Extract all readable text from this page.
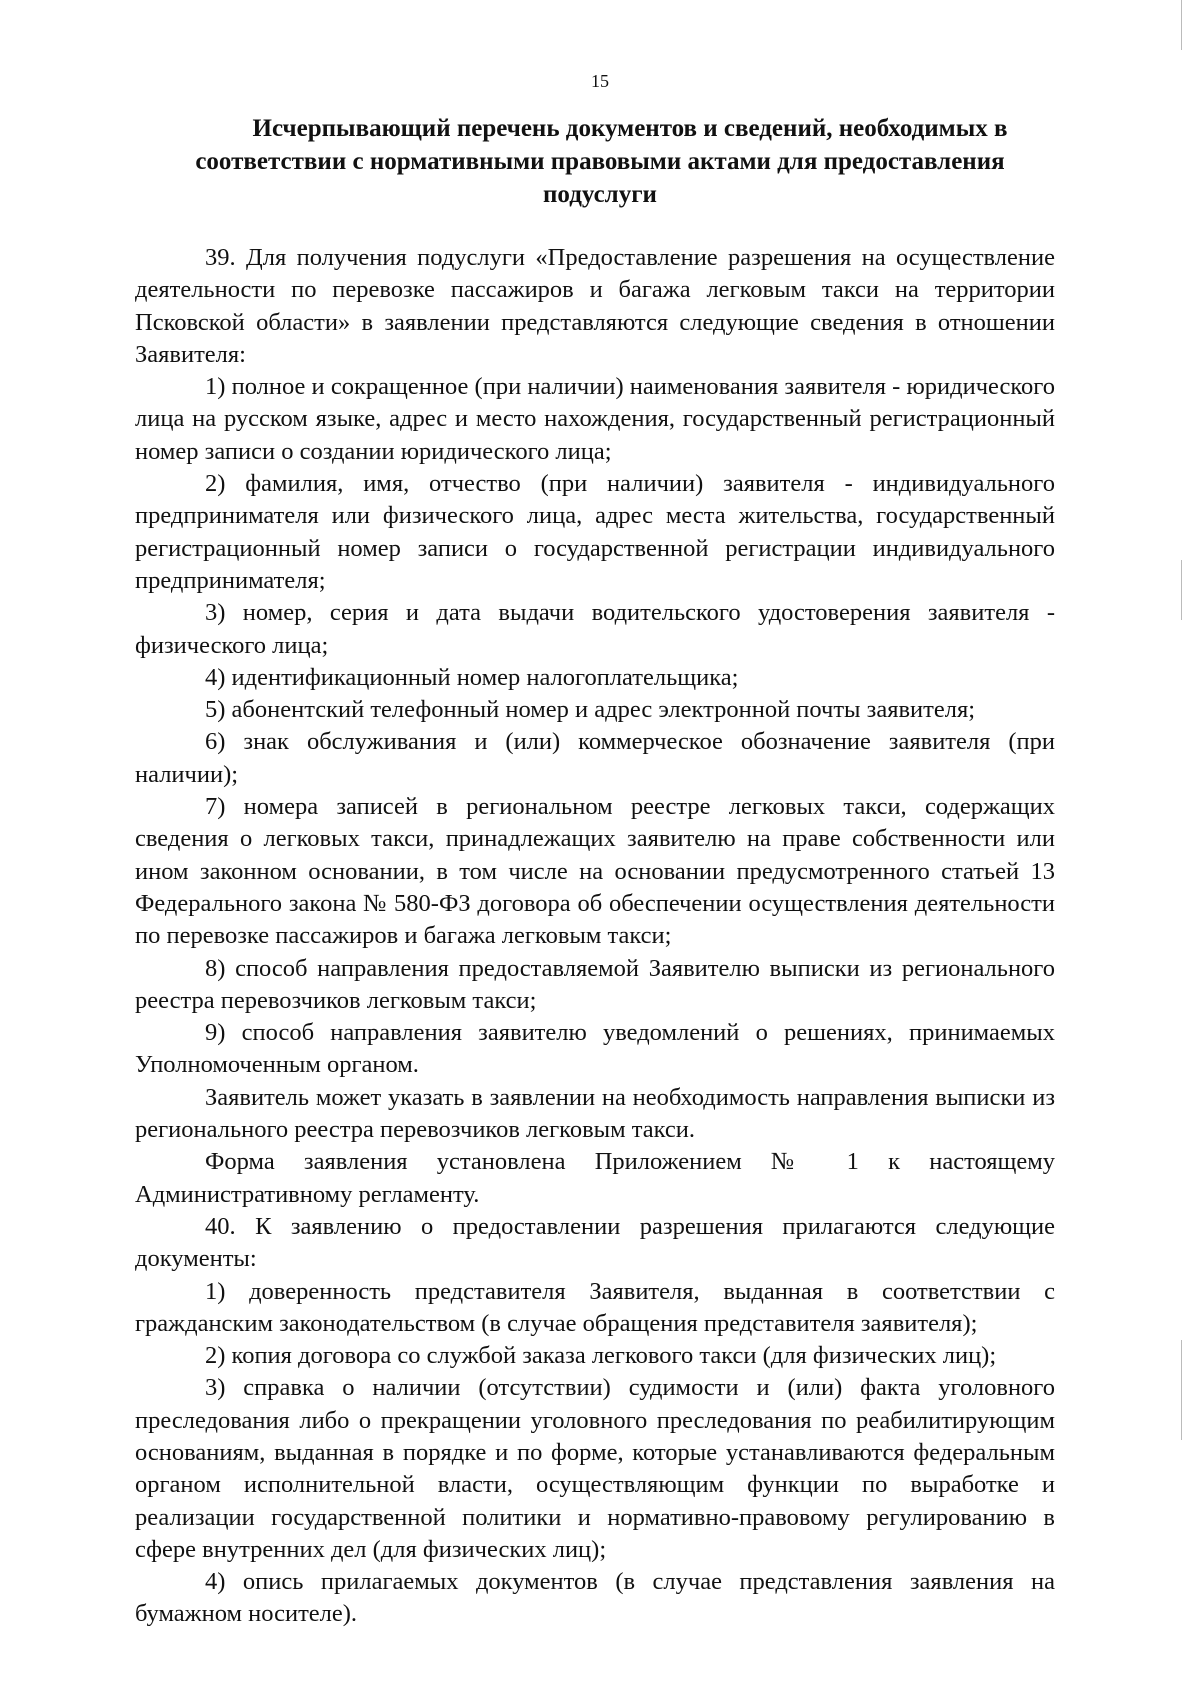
15
Исчерпывающий перечень документов и сведений, необходимых в
соответствии с нормативными правовыми актами для предоставления
подуслуги

39. Для получения подуслуги «Предоставление разрешения на осуществление деятельности по перевозке пассажиров и багажа легковым такси на территории Псковской области» в заявлении представляются следующие сведения в отношении Заявителя:

1) полное и сокращенное (при наличии) наименования заявителя - юридического лица на русском языке, адрес и место нахождения, государственный регистрационный номер записи о создании юридического лица;

2) фамилия, имя, отчество (при наличии) заявителя - индивидуального предпринимателя или физического лица, адрес места жительства, государственный регистрационный номер записи о государственной регистрации индивидуального предпринимателя;

3) номер, серия и дата выдачи водительского удостоверения заявителя - физического лица;

4) идентификационный номер налогоплательщика;

5) абонентский телефонный номер и адрес электронной почты заявителя;

6) знак обслуживания и (или) коммерческое обозначение заявителя (при наличии);

7) номера записей в региональном реестре легковых такси, содержащих сведения о легковых такси, принадлежащих заявителю на праве собственности или ином законном основании, в том числе на основании предусмотренного статьей 13 Федерального закона № 580-ФЗ договора об обеспечении осуществления деятельности по перевозке пассажиров и багажа легковым такси;

8) способ направления предоставляемой Заявителю выписки из регионального реестра перевозчиков легковым такси;

9) способ направления заявителю уведомлений о решениях, принимаемых Уполномоченным органом.

Заявитель может указать в заявлении на необходимость направления выписки из регионального реестра перевозчиков легковым такси.

Форма заявления установлена Приложением № 1 к настоящему Административному регламенту.

40. К заявлению о предоставлении разрешения прилагаются следующие документы:

1) доверенность представителя Заявителя, выданная в соответствии с гражданским законодательством (в случае обращения представителя заявителя);

2) копия договора со службой заказа легкового такси (для физических лиц);

3) справка о наличии (отсутствии) судимости и (или) факта уголовного преследования либо о прекращении уголовного преследования по реабилитирующим основаниям, выданная в порядке и по форме, которые устанавливаются федеральным органом исполнительной власти, осуществляющим функции по выработке и реализации государственной политики и нормативно-правовому регулированию в сфере внутренних дел (для физических лиц);

4) опись прилагаемых документов (в случае представления заявления на бумажном носителе).
